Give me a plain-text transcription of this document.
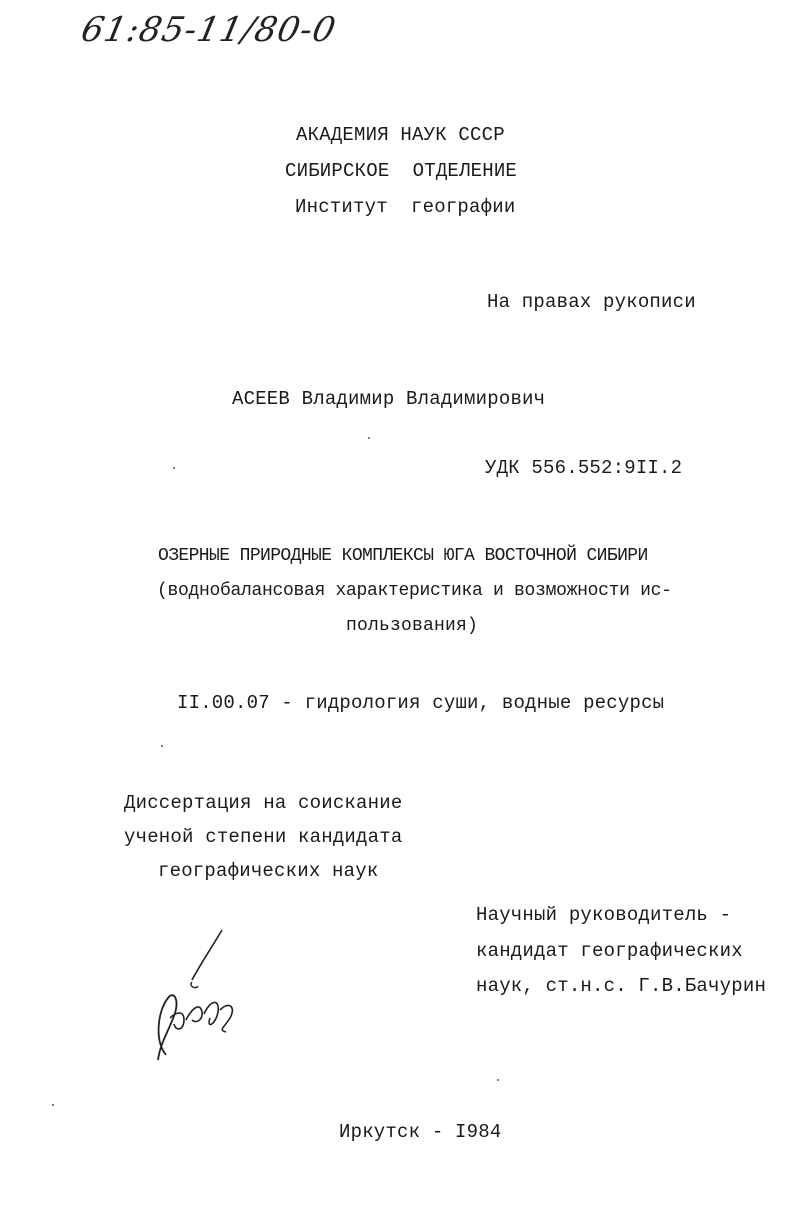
61:85-11/80-0
АКАДЕМИЯ НАУК СССР
СИБИРСКОЕ  ОТДЕЛЕНИЕ
Институт  географии
На правах рукописи
АСЕЕВ Владимир Владимирович
УДК 556.552:9II.2
ОЗЕРНЫЕ ПРИРОДНЫЕ КОМПЛЕКСЫ ЮГА ВОСТОЧНОЙ СИБИРИ
(воднобалансовая характеристика и возможности ис-
пользования)
II.00.07 - гидрология суши, водные ресурсы
Диссертация на соискание
ученой степени кандидата
географических наук
Научный руководитель -
кандидат географических
наук, ст.н.с. Г.В.Бачурин
Иркутск - I984
